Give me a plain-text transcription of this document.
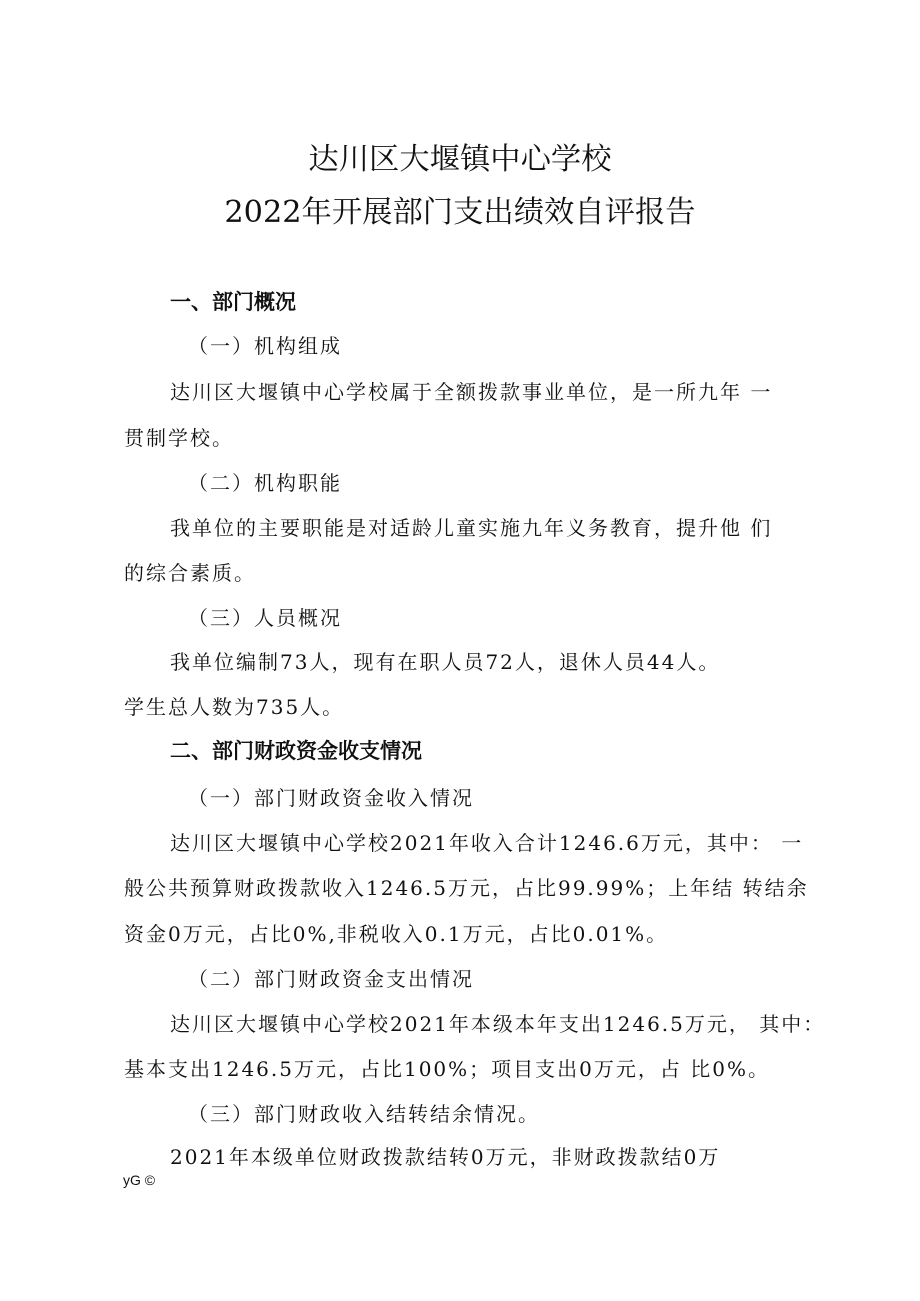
达川区大堰镇中心学校
2022年开展部门支出绩效自评报告
一、部门概况
（一）机构组成
达川区大堰镇中心学校属于全额拨款事业单位，是一所九年 一
贯制学校。
（二）机构职能
我单位的主要职能是对适龄儿童实施九年义务教育，提升他 们
的综合素质。
（三）人员概况
我单位编制73人，现有在职人员72人，退休人员44人。
学生总人数为735人。
二、部门财政资金收支情况
（一）部门财政资金收入情况
达川区大堰镇中心学校2021年收入合计1246.6万元，其中： 一
般公共预算财政拨款收入1246.5万元，占比99.99%；上年结 转结余
资金0万元，占比0%,非税收入0.1万元，占比0.01%。
（二）部门财政资金支出情况
达川区大堰镇中心学校2021年本级本年支出1246.5万元， 其中：
基本支出1246.5万元，占比100%；项目支出0万元，占 比0%。
（三）部门财政收入结转结余情况。
2021年本级单位财政拨款结转0万元，非财政拨款结0万
yG ©
